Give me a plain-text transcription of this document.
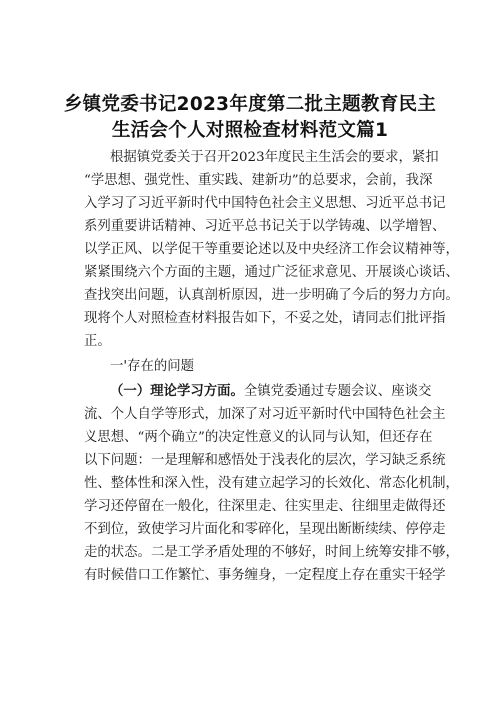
乡镇党委书记2023年度第二批主题教育民主
生活会个人对照检查材料范文篇1
根据镇党委关于召开2023年度民主生活会的要求，紧扣
“学思想、强党性、重实践、建新功”的总要求，会前，我深
入学习了习近平新时代中国特色社会主义思想、习近平总书记
系列重要讲话精神、习近平总书记关于以学铸魂、以学增智、
以学正风、以学促干等重要论述以及中央经济工作会议精神等，
紧紧围绕六个方面的主题，通过广泛征求意见、开展谈心谈话、
查找突出问题，认真剖析原因，进一步明确了今后的努力方向。
现将个人对照检查材料报告如下，不妥之处，请同志们批评指
正。
一'存在的问题
（一）理论学习方面。全镇党委通过专题会议、座谈交
流、个人自学等形式，加深了对习近平新时代中国特色社会主
义思想、“两个确立”的决定性意义的认同与认知，但还存在
以下问题：一是理解和感悟处于浅表化的层次，学习缺乏系统
性、整体性和深入性，没有建立起学习的长效化、常态化机制，
学习还停留在一般化，往深里走、往实里走、往细里走做得还
不到位，致使学习片面化和零碎化，呈现出断断续续、停停走
走的状态。二是工学矛盾处理的不够好，时间上统筹安排不够，
有时候借口工作繁忙、事务缠身，一定程度上存在重实干轻学
